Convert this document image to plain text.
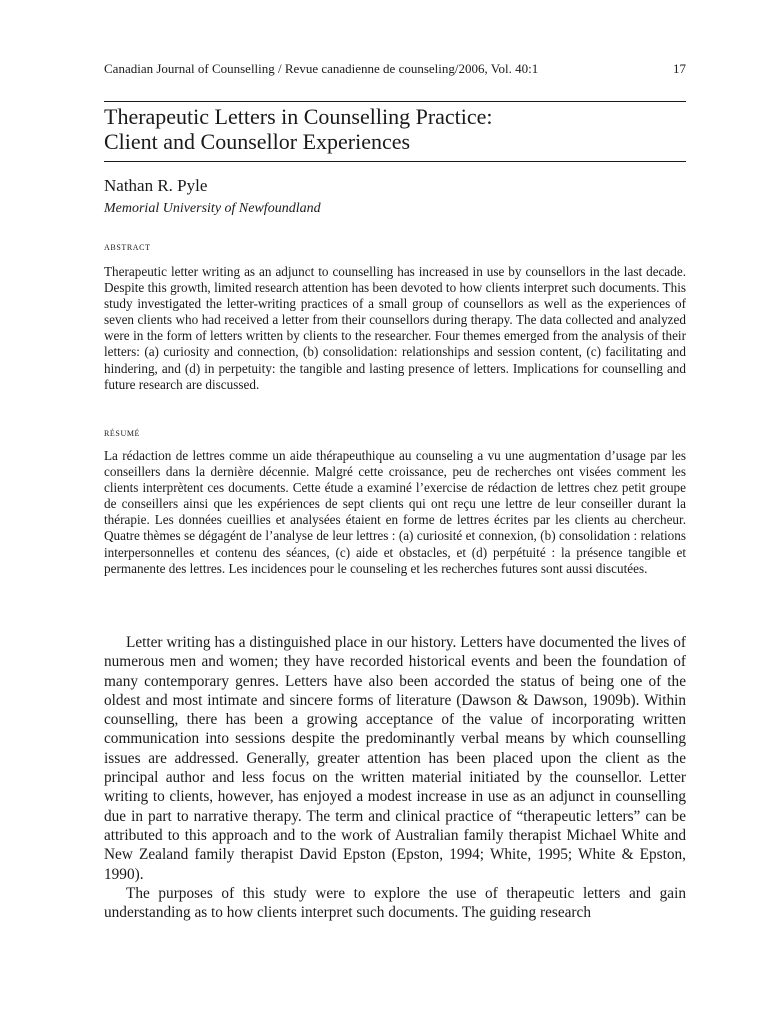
Canadian Journal of Counselling / Revue canadienne de counseling/2006, Vol. 40:1	17
Therapeutic Letters in Counselling Practice:
Client and Counsellor Experiences
Nathan R. Pyle
Memorial University of Newfoundland
abstract

Therapeutic letter writing as an adjunct to counselling has increased in use by counsellors in the last decade. Despite this growth, limited research attention has been devoted to how clients interpret such documents. This study investigated the letter-writing practices of a small group of counsellors as well as the experiences of seven clients who had received a letter from their counsellors during therapy. The data collected and analyzed were in the form of letters written by clients to the researcher. Four themes emerged from the analysis of their letters: (a) curiosity and connection, (b) consolidation: relationships and session content, (c) facilitating and hindering, and (d) in perpetuity: the tangible and lasting presence of letters. Implications for counselling and future research are discussed.

résumé

La rédaction de lettres comme un aide thérapeuthique au counseling a vu une augmentation d’usage par les conseillers dans la dernière décennie. Malgré cette croissance, peu de recherches ont visées comment les clients interprètent ces documents. Cette étude a examiné l’exercise de rédaction de lettres chez petit groupe de conseillers ainsi que les expériences de sept clients qui ont reçu une lettre de leur conseiller durant la thérapie. Les données cueillies et analysées étaient en forme de lettres écrites par les clients au chercheur. Quatre thèmes se dégagént de l’analyse de leur lettres : (a) curiosité et connexion, (b) consolidation : relations interpersonnelles et contenu des séances, (c) aide et obstacles, et (d) perpétuité : la présence tangible et permanente des lettres. Les incidences pour le counseling et les recherches futures sont aussi discutées.

Letter writing has a distinguished place in our history. Letters have documented the lives of numerous men and women; they have recorded historical events and been the foundation of many contemporary genres. Letters have also been accorded the status of being one of the oldest and most intimate and sincere forms of literature (Dawson & Dawson, 1909b). Within counselling, there has been a growing acceptance of the value of incorporating written communication into sessions despite the predominantly verbal means by which counselling issues are addressed. Generally, greater attention has been placed upon the client as the principal author and less focus on the written material initiated by the counsellor. Letter writing to clients, however, has enjoyed a modest increase in use as an adjunct in counselling due in part to narrative therapy. The term and clinical practice of “therapeutic letters” can be attributed to this approach and to the work of Australian family therapist Michael White and New Zealand family therapist David Epston (Epston, 1994; White, 1995; White & Epston, 1990).

The purposes of this study were to explore the use of therapeutic letters and gain understanding as to how clients interpret such documents. The guiding research
